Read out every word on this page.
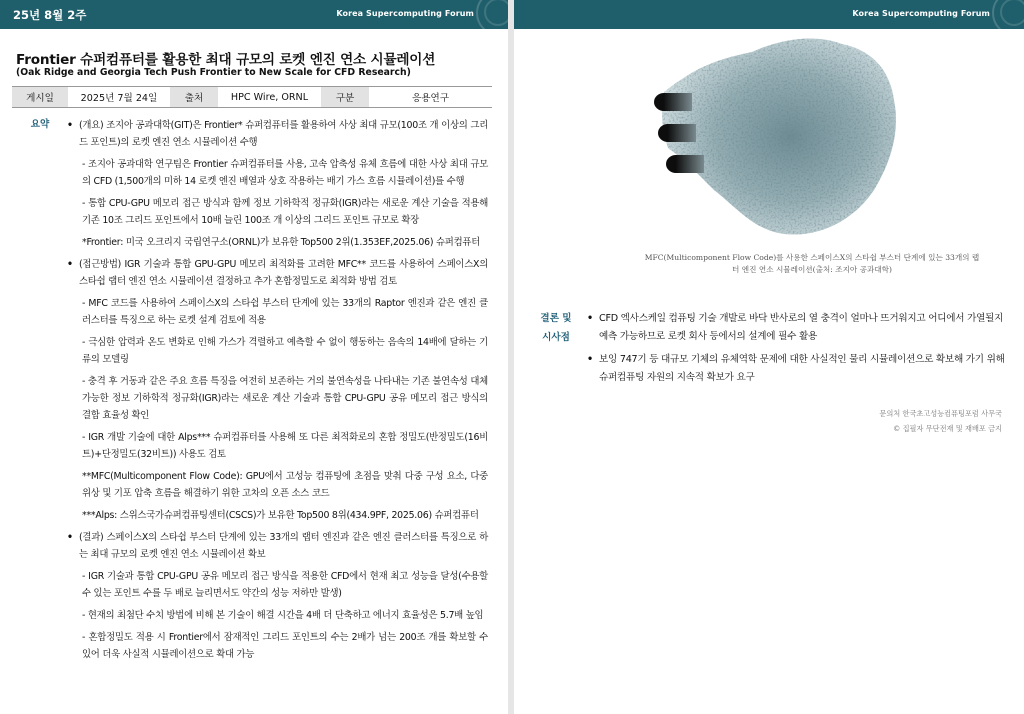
25년 8월 2주	Korea Supercomputing Forum
Frontier 슈퍼컴퓨터를 활용한 최대 규모의 로켓 엔진 연소 시뮬레이션
(Oak Ridge and Georgia Tech Push Frontier to New Scale for CFD Research)
게시일	2025년 7월 24일	출처	HPC Wire, ORNL	구분	응용연구
요약
•	(개요) 조지아 공과대학(GIT)은 Frontier* 슈퍼컴퓨터를 활용하여 사상 최대 규모(100조 개 이상의 그리드 포인트)의 로켓 엔진 연소 시뮬레이션 수행
- 조지아 공과대학 연구팀은 Frontier 슈퍼컴퓨터를 사용, 고속 압축성 유체 흐름에 대한 사상 최대 규모의 CFD (1,500개의 미하 14 로켓 엔진 배열과 상호 작용하는 배기 가스 흐름 시뮬레이션)를 수행
- 통합 CPU-GPU 메모리 접근 방식과 함께 정보 기하학적 정규화(IGR)라는 새로운 계산 기술을 적용해 기존 10조 그리드 포인트에서 10배 늘린 100조 개 이상의 그리드 포인트 규모로 확장
*Frontier: 미국 오크리지 국립연구소(ORNL)가 보유한 Top500 2위(1.353EF,2025.06) 슈퍼컴퓨터
• (접근방법) IGR 기술과 통합 GPU-GPU 메모리 최적화를 고려한 MFC** 코드를 사용하여 스페이스X의 스타쉽 랩터 엔진 연소 시뮬레이션 결정하고 추가 혼합정밀도로 최적화 방법 검토
- MFC 코드를 사용하여 스페이스X의 스타쉽 부스터 단계에 있는 33개의 Raptor 엔진과 같은 엔진 클러스터를 특징으로 하는 로켓 설계 검토에 적용
- 극심한 압력과 온도 변화로 인해 가스가 격렬하고 예측할 수 없이 행동하는 음속의 14배에 달하는 기류의 모델링
- 충격 후 거동과 같은 주요 흐름 특징을 여전히 보존하는 거의 불연속성을 나타내는 기존 불연속성 대체 가능한 정보 기하학적 정규화(IGR)라는 새로운 계산 기술과 통합 CPU-GPU 공유 메모리 접근 방식의 결합 효율성 확인
- IGR 개발 기술에 대한 Alps*** 슈퍼컴퓨터를 사용해 또 다른 최적화로의 혼합 정밀도(반정밀도(16비트)+단정밀도(32비트)) 사용도 검토
**MFC(Multicomponent Flow Code): GPU에서 고성능 컴퓨팅에 초점을 맞춰 다중 구성 요소, 다중 위상 및 기포 압축 흐름을 해결하기 위한 고차의 오픈 소스 코드
***Alps: 스위스국가슈퍼컴퓨팅센터(CSCS)가 보유한 Top500 8위(434.9PF, 2025.06) 슈퍼컴퓨터
• (결과) 스페이스X의 스타쉽 부스터 단계에 있는 33개의 랩터 엔진과 같은 엔진 클러스터를 특징으로 하는 최대 규모의 로켓 엔진 연소 시뮬레이션 확보
- IGR 기술과 통합 CPU-GPU 공유 메모리 접근 방식을 적용한 CFD에서 현재 최고 성능을 달성(수용할 수 있는 포인트 수를 두 배로 늘리면서도 약간의 성능 저하만 발생)
- 현재의 최첨단 수치 방법에 비해 본 기술이 해결 시간을 4배 더 단축하고 에너지 효율성은 5.7배 높임
- 혼합정밀도 적용 시 Frontier에서 잠재적인 그리드 포인트의 수는 2배가 넘는 200조 개를 확보할 수 있어 더욱 사실적 시뮬레이션으로 확대 가능
Korea Supercomputing Forum
MFC(Multicomponent Flow Code)를 사용한 스페이스X의 스타쉽 부스터 단계에 있는 33개의 랩터 엔진 연소 시뮬레이션(출처: 조지아 공과대학)
결론 및
시사점
• CFD 엑사스케일 컴퓨팅 기술 개발로 바닥 반사로의 열 충격이 얼마나 뜨거워지고 어디에서 가열될지 예측 가능하므로 로켓 회사 등에서의 설계에 필수 활용
• 보잉 747기 등 대규모 기체의 유체역학 문제에 대한 사실적인 물리 시뮬레이션으로 확보해 가기 위해 슈퍼컴퓨팅 자원의 지속적 확보가 요구
문의처 한국초고성능컴퓨팅포럼 사무국
© 집필자 무단전재 및 재배포 금지
